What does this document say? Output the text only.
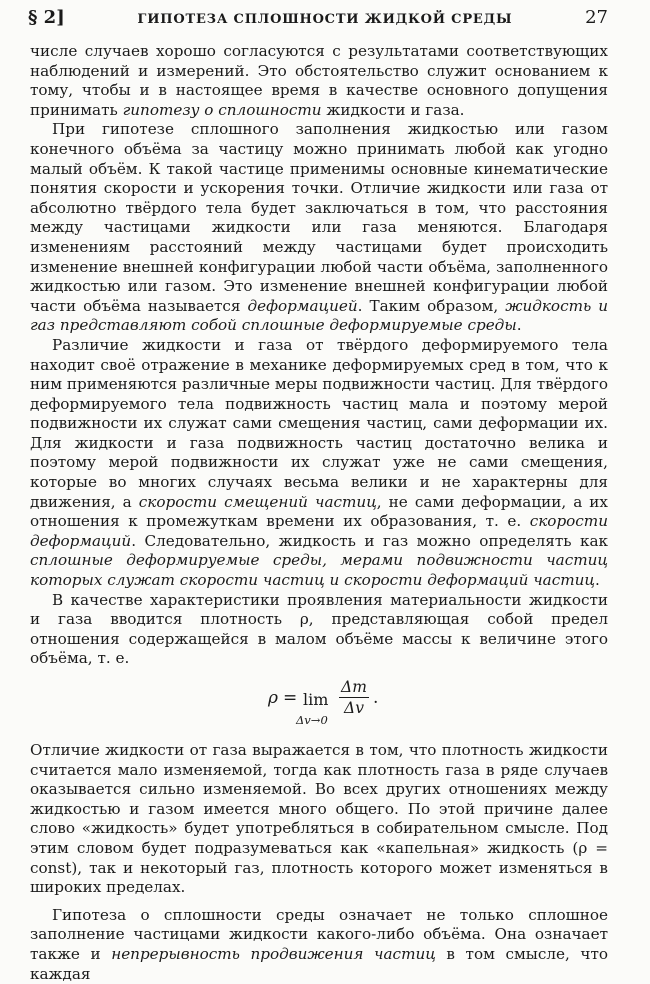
§ 2]	ГИПОТЕЗА СПЛОШНОСТИ ЖИДКОЙ СРЕДЫ	27

числе случаев хорошо согласуются с результатами соответствующих наблюдений и измерений. Это обстоятельство служит основанием к тому, чтобы и в настоящее время в качестве основного допущения принимать гипотезу о сплошности жидкости и газа.

При гипотезе сплошного заполнения жидкостью или газом конечного объёма за частицу можно принимать любой как угодно малый объём. К такой частице применимы основные кинематические понятия скорости и ускорения точки. Отличие жидкости или газа от абсолютно твёрдого тела будет заключаться в том, что расстояния между частицами жидкости или газа меняются. Благодаря изменениям расстояний между частицами будет происходить изменение внешней конфигурации любой части объёма, заполненного жидкостью или газом. Это изменение внешней конфигурации любой части объёма называется деформацией. Таким образом, жидкость и газ представляют собой сплошные деформируемые среды.

Различие жидкости и газа от твёрдого деформируемого тела находит своё отражение в механике деформируемых сред в том, что к ним применяются различные меры подвижности частиц. Для твёрдого деформируемого тела подвижность частиц мала и поэтому мерой подвижности их служат сами смещения частиц, сами деформации их. Для жидкости и газа подвижность частиц достаточно велика и поэтому мерой подвижности их служат уже не сами смещения, которые во многих случаях весьма велики и не характерны для движения, а скорости смещений частиц, не сами деформации, а их отношения к промежуткам времени их образования, т. е. скорости деформаций. Следовательно, жидкость и газ можно определять как сплошные деформируемые среды, мерами подвижности частиц которых служат скорости частиц и скорости деформаций частиц.

В качестве характеристики проявления материальности жидкости и газа вводится плотность ρ, представляющая собой предел отношения содержащейся в малом объёме массы к величине этого объёма, т. е.

ρ = lim
Δv→0
$\frac{\Delta m}{\Delta v}$ .

Отличие жидкости от газа выражается в том, что плотность жидкости считается мало изменяемой, тогда как плотность газа в ряде случаев оказывается сильно изменяемой. Во всех других отношениях между жидкостью и газом имеется много общего. По этой причине далее слово «жидкость» будет употребляться в собирательном смысле. Под этим словом будет подразумеваться как «капельная» жидкость (ρ = const), так и некоторый газ, плотность которого может изменяться в широких пределах.

Гипотеза о сплошности среды означает не только сплошное заполнение частицами жидкости какого-либо объёма. Она означает также и непрерывность продвижения частиц в том смысле, что каждая
